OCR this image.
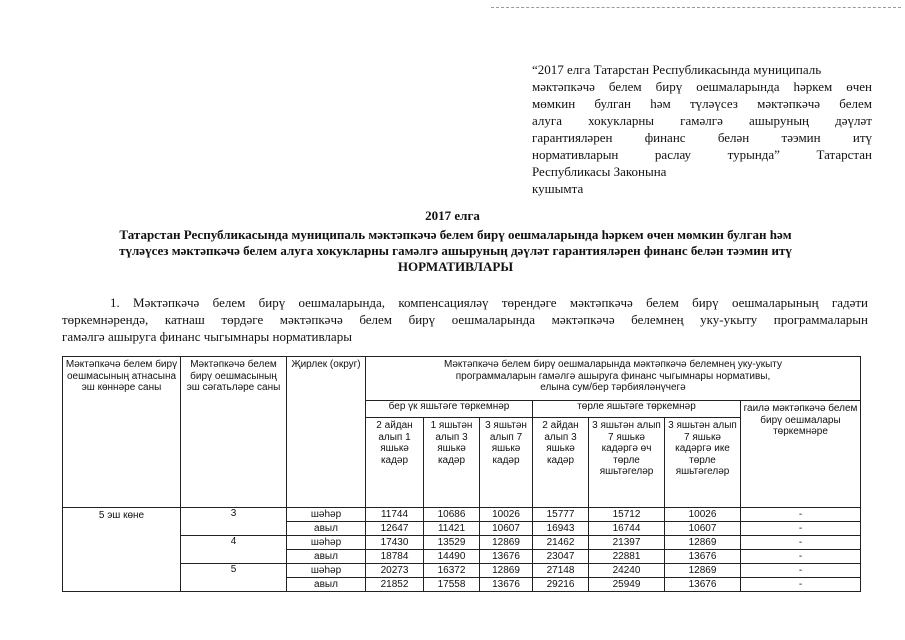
“2017 елга Татарстан Республикасында муниципаль
мәктәпкәчә белем бирү оешмаларында һәркем өчен
мөмкин булган һәм түләүсез мәктәпкәчә белем
алуга хокукларны гамәлгә ашыруның дәүләт
гарантияләрен финанс белән тәэмин итү
нормативларын раслау турында” Татарстан
Республикасы Законына
кушымта
2017 елга
Татарстан Республикасында муниципаль мәктәпкәчә белем бирү оешмаларында һәркем өчен мөмкин булган һәм
түләүсез мәктәпкәчә белем алуга хокукларны гамәлгә ашыруның дәүләт гарантияләрен финанс белән тәэмин итү
НОРМАТИВЛАРЫ
1. Мәктәпкәчә белем бирү оешмаларында, компенсацияләү төрендәге мәктәпкәчә белем бирү оешмаларының гадәти
төркемнәрендә, катнаш төрдәге мәктәпкәчә белем бирү оешмаларында мәктәпкәчә белемнең уку-укыту программаларын
гамәлгә ашыруга финанс чыгымнары нормативлары
Мәктәпкәчә белем бирү оешмасының атнасына эш көннәре саны	Мәктәпкәчә белем бирү оешмасының эш сәгатьләре саны	Җирлек (округ)	Мәктәпкәчә белем бирү оешмаларында мәктәпкәчә белемнең уку-укыту
программаларын гамәлгә ашыруга финанс чыгымнары нормативы,
елына сум/бер тәрбияләнүчегә						

			бер үк яшьтәге төркемнәр			төрле яшьтәге төркемнәр			гаилә мәктәпкәчә белем бирү оешмалары төркемнәре
			2 айдан алып 1 яшькә кадәр	1 яшьтән алып 3 яшькә кадәр	3 яшьтән алып 7 яшькә кадәр	2 айдан алып 3 яшькә кадәр	3 яшьтән алып 7 яшькә кадәргә өч төрле яшьтәгеләр	3 яшьтән алып 7 яшькә кадәргә ике төрле яшьтәгеләр	
5 эш көне	3	шәһәр	11744	10686	10026	15777	15712	10026	-
		авыл	12647	11421	10607	16943	16744	10607	-
	4	шәһәр	17430	13529	12869	21462	21397	12869	-
		авыл	18784	14490	13676	23047	22881	13676	-
	5	шәһәр	20273	16372	12869	27148	24240	12869	-
		авыл	21852	17558	13676	29216	25949	13676	-
